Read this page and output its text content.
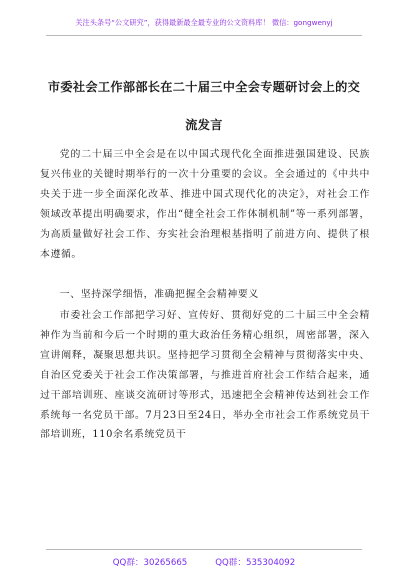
关注头条号“公文研究”，获得最新最全最专业的公文资料库！ 微信：gongwenyj
市委社会工作部部长在二十届三中全会专题研讨会上的交
流发言

党的二十届三中全会是在以中国式现代化全面推进强国建设、民族复兴伟业的关键时期举行的一次十分重要的会议。全会通过的《中共中央关于进一步全面深化改革、推进中国式现代化的决定》，对社会工作领域改革提出明确要求，作出“健全社会工作体制机制”等一系列部署，为高质量做好社会工作、夯实社会治理根基指明了前进方向、提供了根本遵循。

一、坚持深学细悟，准确把握全会精神要义

市委社会工作部把学习好、宣传好、贯彻好党的二十届三中全会精神作为当前和今后一个时期的重大政治任务精心组织，周密部署，深入宣讲阐释，凝聚思想共识。坚持把学习贯彻全会精神与贯彻落实中央、自治区党委关于社会工作决策部署，与推进首府社会工作结合起来，通过干部培训班、座谈交流研讨等形式，迅速把全会精神传达到社会工作系统每一名党员干部。7月23日至24日，举办全市社会工作系统党员干部培训班，110余名系统党员干

QQ群：30265665	QQ群：535304092
